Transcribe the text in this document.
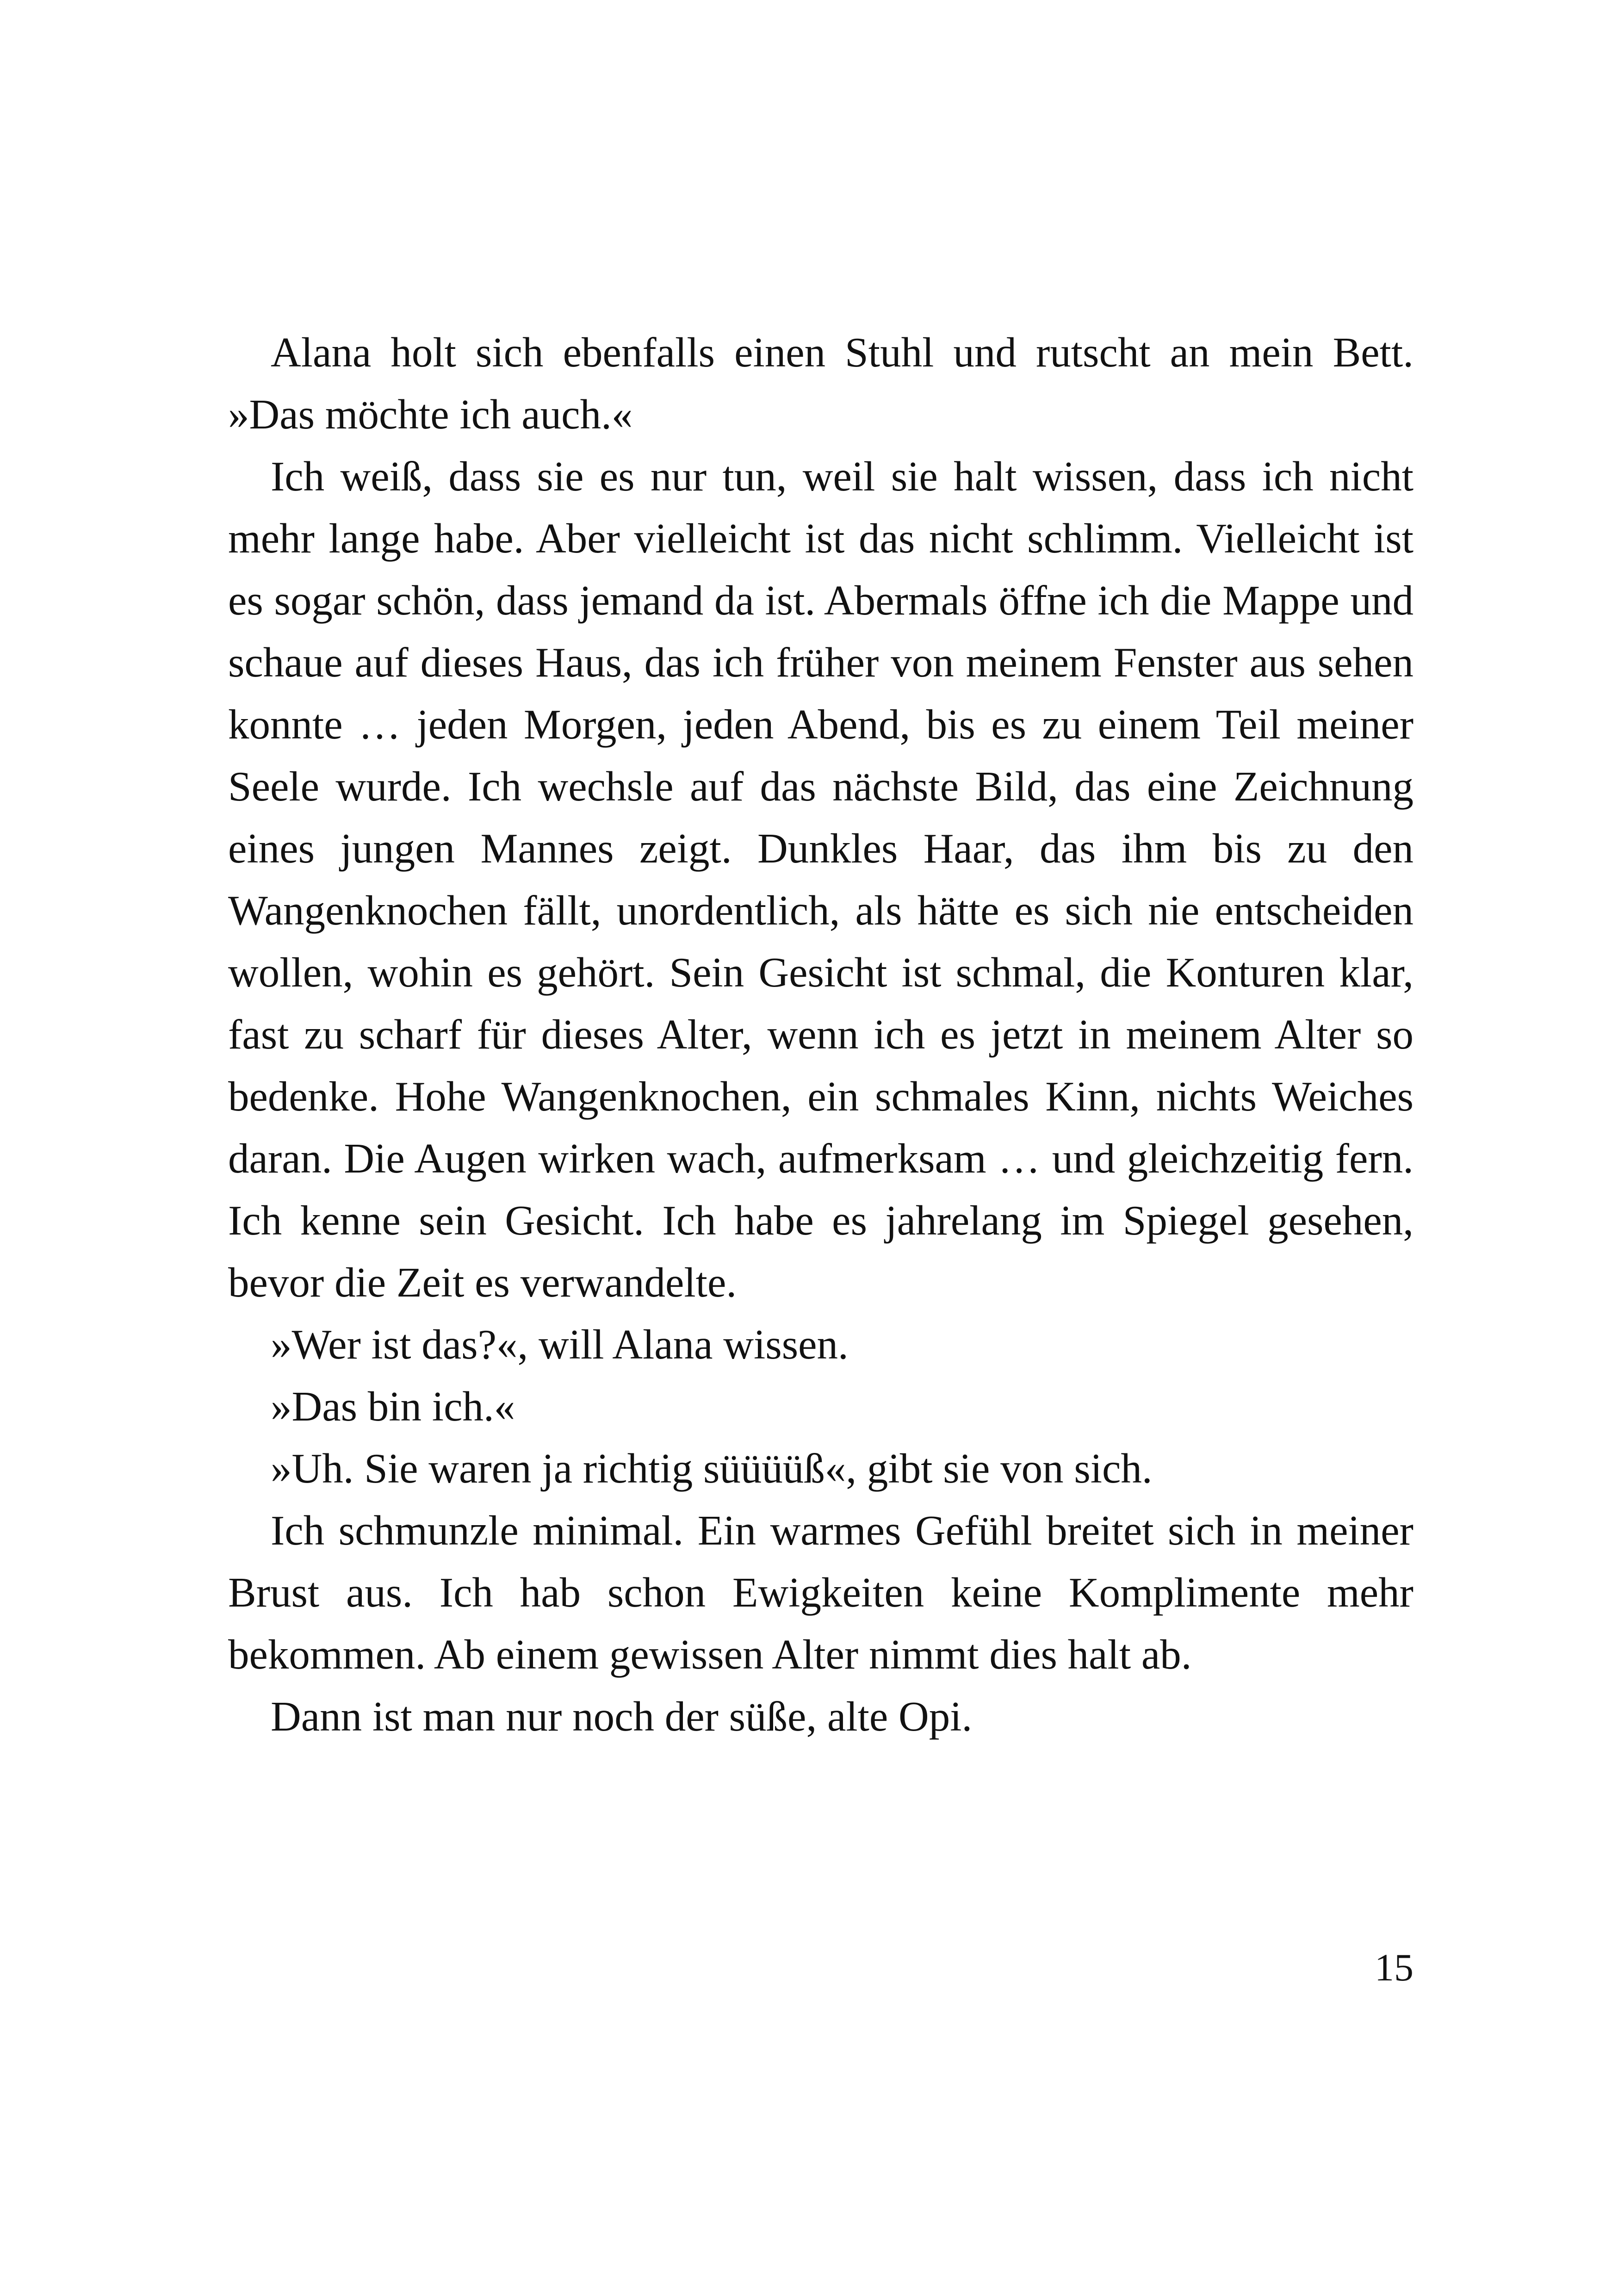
Alana holt sich ebenfalls einen Stuhl und rutscht an mein Bett. »Das möchte ich auch.«

Ich weiß, dass sie es nur tun, weil sie halt wissen, dass ich nicht mehr lange habe. Aber vielleicht ist das nicht schlimm. Vielleicht ist es sogar schön, dass jemand da ist. Abermals öffne ich die Mappe und schaue auf dieses Haus, das ich früher von meinem Fenster aus sehen konnte … jeden Morgen, jeden Abend, bis es zu einem Teil meiner Seele wurde. Ich wechsle auf das nächste Bild, das eine Zeichnung eines jungen Mannes zeigt. Dunkles Haar, das ihm bis zu den Wangenknochen fällt, unordentlich, als hätte es sich nie entscheiden wollen, wohin es gehört. Sein Gesicht ist schmal, die Konturen klar, fast zu scharf für dieses Alter, wenn ich es jetzt in meinem Alter so bedenke. Hohe Wangenknochen, ein schmales Kinn, nichts Weiches daran. Die Augen wirken wach, aufmerksam … und gleichzeitig fern. Ich kenne sein Gesicht. Ich habe es jahrelang im Spiegel gesehen, bevor die Zeit es verwandelte.

»Wer ist das?«, will Alana wissen.

»Das bin ich.«

»Uh. Sie waren ja richtig süüüüß«, gibt sie von sich.

Ich schmunzle minimal. Ein warmes Gefühl breitet sich in meiner Brust aus. Ich hab schon Ewigkeiten keine Komplimente mehr bekommen. Ab einem gewissen Alter nimmt dies halt ab.

Dann ist man nur noch der süße, alte Opi.

15
